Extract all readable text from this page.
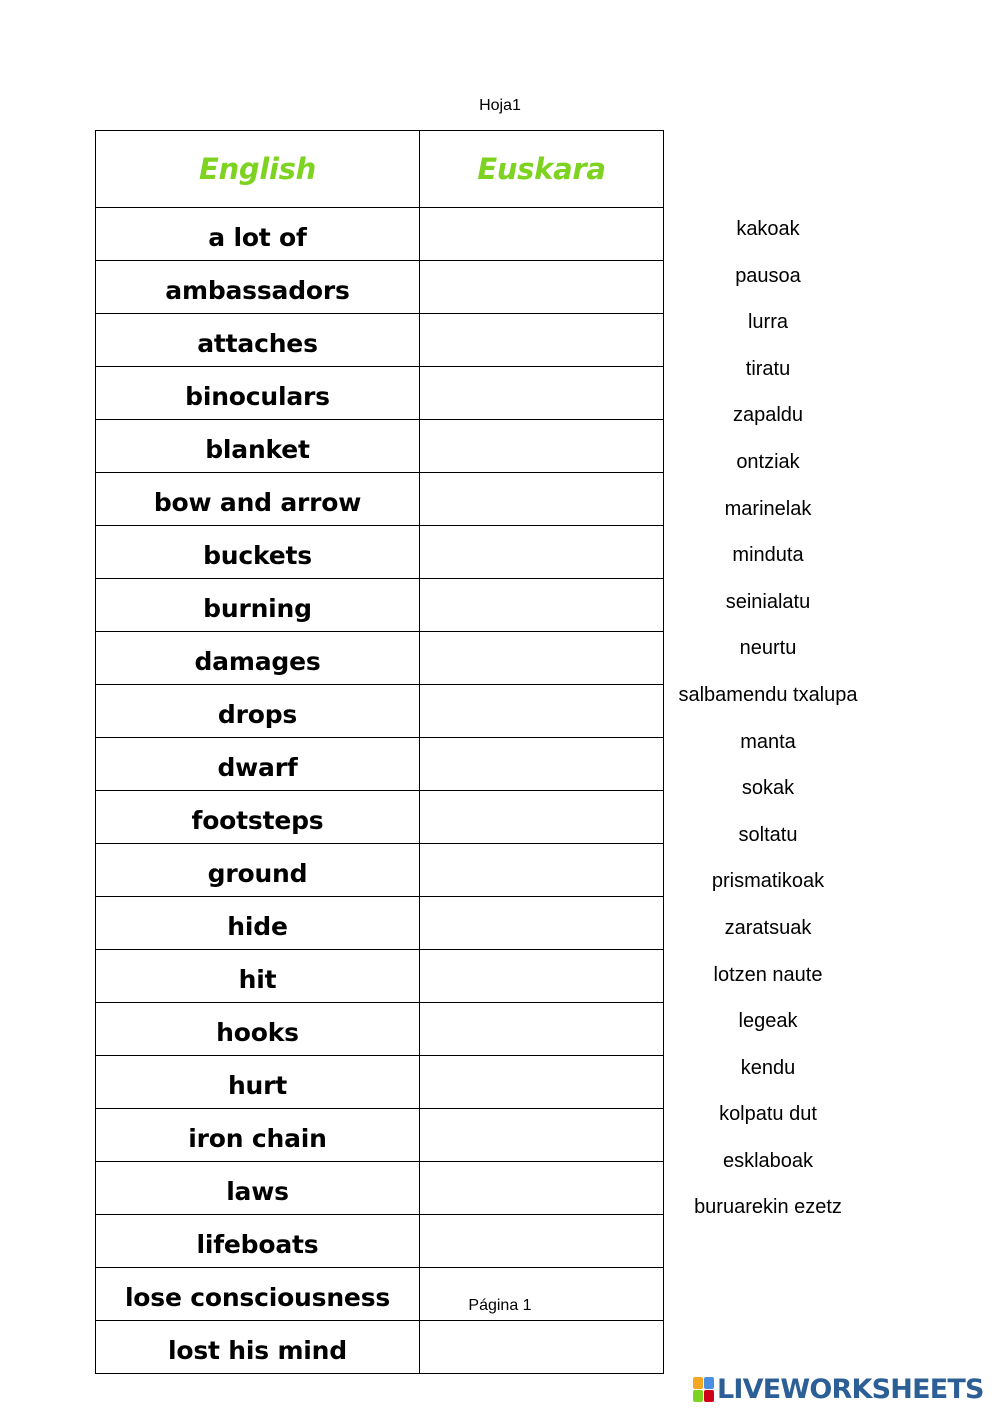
Hoja1
English	Euskara
a lot of	
ambassadors	
attaches	
binoculars	
blanket	
bow and arrow	
buckets	
burning	
damages	
drops	
dwarf	
footsteps	
ground	
hide	
hit	
hooks	
hurt	
iron chain	
laws	
lifeboats	
lose consciousness	
lost his mind	
kakoak
pausoa
lurra
tiratu
zapaldu
ontziak
marinelak
minduta
seinialatu
neurtu
salbamendu txalupa
manta
sokak
soltatu
prismatikoak
zaratsuak
lotzen naute
legeak
kendu
kolpatu dut
esklaboak
buruarekin ezetz
Página 1
LIVEWORKSHEETS
